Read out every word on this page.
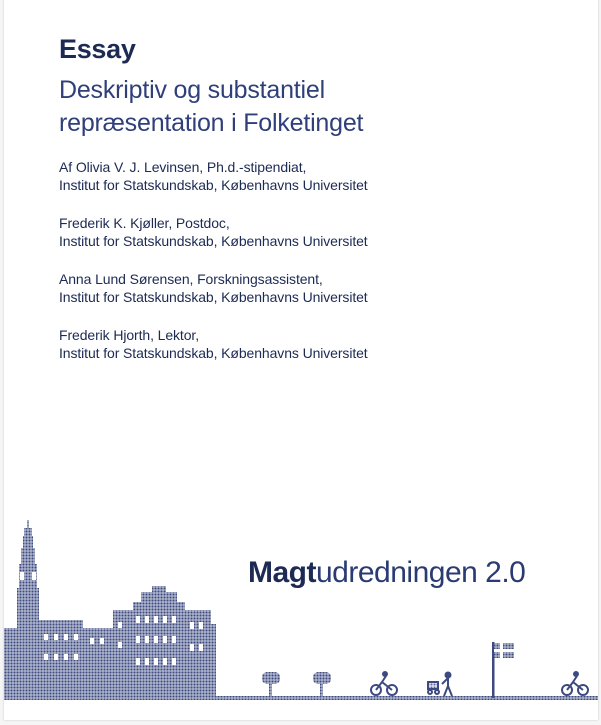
Essay
Deskriptiv og substantiel
repræsentation i Folketinget

Af Olivia V. J. Levinsen, Ph.d.-stipendiat,
Institut for Statskundskab, Københavns Universitet

Frederik K. Kjøller, Postdoc,
Institut for Statskundskab, Københavns Universitet

Anna Lund Sørensen, Forskningsassistent,
Institut for Statskundskab, Københavns Universitet

Frederik Hjorth, Lektor,
Institut for Statskundskab, Københavns Universitet

Magtudredningen 2.0
